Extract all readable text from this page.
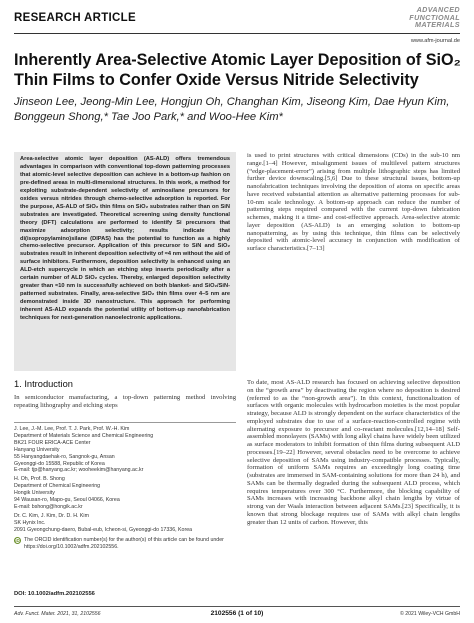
RESEARCH ARTICLE
ADVANCED
FUNCTIONAL
MATERIALS
www.afm-journal.de
Inherently Area-Selective Atomic Layer Deposition of SiO₂ Thin Films to Confer Oxide Versus Nitride Selectivity

Jinseon Lee, Jeong-Min Lee, Hongjun Oh, Changhan Kim, Jiseong Kim, Dae Hyun Kim, Bonggeun Shong,* Tae Joo Park,* and Woo-Hee Kim*

Area-selective atomic layer deposition (AS-ALD) offers tremendous advantages in comparison with conventional top-down patterning processes that atomic-level selective deposition can achieve in a bottom-up fashion on pre-defined areas in multi-dimensional structures. In this work, a method for exploiting substrate-dependent selectivity of aminosilane precursors for oxides versus nitrides through chemo-selective adsorption is reported. For the purpose, AS-ALD of SiO₂ thin films on SiO₂ substrates rather than on SiN substrates are investigated. Theoretical screening using density functional theory (DFT) calculations are performed to identify Si precursors that maximize adsorption selectivity; results indicate that di(isopropylamino)silane (DIPAS) has the potential to function as a highly chemo-selective precursor. Application of this precursor to SiN and SiO₂ substrates result in inherent deposition selectivity of ≈4 nm without the aid of surface inhibitors. Furthermore, deposition selectivity is enhanced using an ALD-etch supercycle in which an etching step inserts periodically after a certain number of ALD SiO₂ cycles. Thereby, enlarged deposition selectivity greater than ≈10 nm is successfully achieved on both blanket- and SiO₂/SiN-patterned substrates. Finally, area-selective SiO₂ thin films over 4–5 nm are demonstrated inside 3D nanostructure. This approach for performing inherent AS-ALD expands the potential utility of bottom-up nanofabrication techniques for next-generation nanoelectronic applications.

is used to print structures with critical dimensions (CDs) in the sub-10 nm range.[1–4] However, misalignment issues of multilevel pattern structures (“edge-placement-error”) arising from multiple lithographic steps has limited further device downscaling.[5,6] Due to these structural issues, bottom-up nanofabrication techniques involving the deposition of atoms on specific areas have received substantial attention as alternative patterning processes for sub-10-nm scale technology. A bottom-up approach can reduce the number of patterning steps required compared with the current top-down fabrication schemes, making it a time- and cost-effective approach. Area-selective atomic layer deposition (AS-ALD) is an emerging solution to bottom-up nanopatterning, as by using this technique, thin films can be selectively deposited with atomic-level accuracy in conjunction with modification of surface characteristics.[7–13]

1. Introduction

In semiconductor manufacturing, a top-down patterning method involving repeating lithography and etching steps

J. Lee, J.-M. Lee, Prof. T. J. Park, Prof. W.-H. Kim
Department of Materials Science and Chemical Engineering
BK21 FOUR ERICA-ACE Center
Hanyang University
55 Hanyangdaehak-ro, Sangnok-gu, Ansan
Gyeonggi-do 15588, Republic of Korea
E-mail: tjp@hanyang.ac.kr; wooheekim@hanyang.ac.kr
H. Oh, Prof. B. Shong
Department of Chemical Engineering
Hongik University
94 Wausan-ro, Mapo-gu, Seoul 04066, Korea
E-mail: bshong@hongik.ac.kr
Dr. C. Kim, J. Kim, Dr. D. H. Kim
SK Hynix Inc.
2091 Gyeongchung-daero, Bubal-eub, Icheon-si, Gyeonggi-do 17336, Korea
iD The ORCID identification number(s) for the author(s) of this article can be found under https://doi.org/10.1002/adfm.202102556.
DOI: 10.1002/adfm.202102556

To date, most AS-ALD research has focused on achieving selective deposition on the “growth area” by deactivating the region where no deposition is desired (referred to as the “non-growth area”). In this context, functionalization of surfaces with organic molecules with hydrocarbon moieties is the most popular strategy, because ALD is strongly dependent on the surface characteristics of the employed substrates due to use of a surface-reaction-controlled regime with alternating exposure to precursor and co-reactant molecules.[12,14–18] Self-assembled monolayers (SAMs) with long alkyl chains have widely been utilized as surface moderators to inhibit formation of thin films during subsequent ALD processes.[19–22] However, several obstacles need to be overcome to achieve selective deposition of SAMs using industry-compatible processes. Typically, formation of uniform SAMs requires an exceedingly long coating time (substrates are immersed in SAM-containing solutions for more than 24 h), and SAMs can be thermally degraded during the subsequent ALD process, which requires temperatures over 300 °C. Furthermore, the blocking capability of SAMs increases with increasing backbone alkyl chain lengths by virtue of strong van der Waals interaction between adjacent SAMs.[23] Specifically, it is known that strong blockage requires use of SAMs with alkyl chain lengths greater than 12 units of carbon. However, this

Adv. Funct. Mater. 2021, 31, 2102556	2102556 (1 of 10)	© 2021 Wiley-VCH GmbH
